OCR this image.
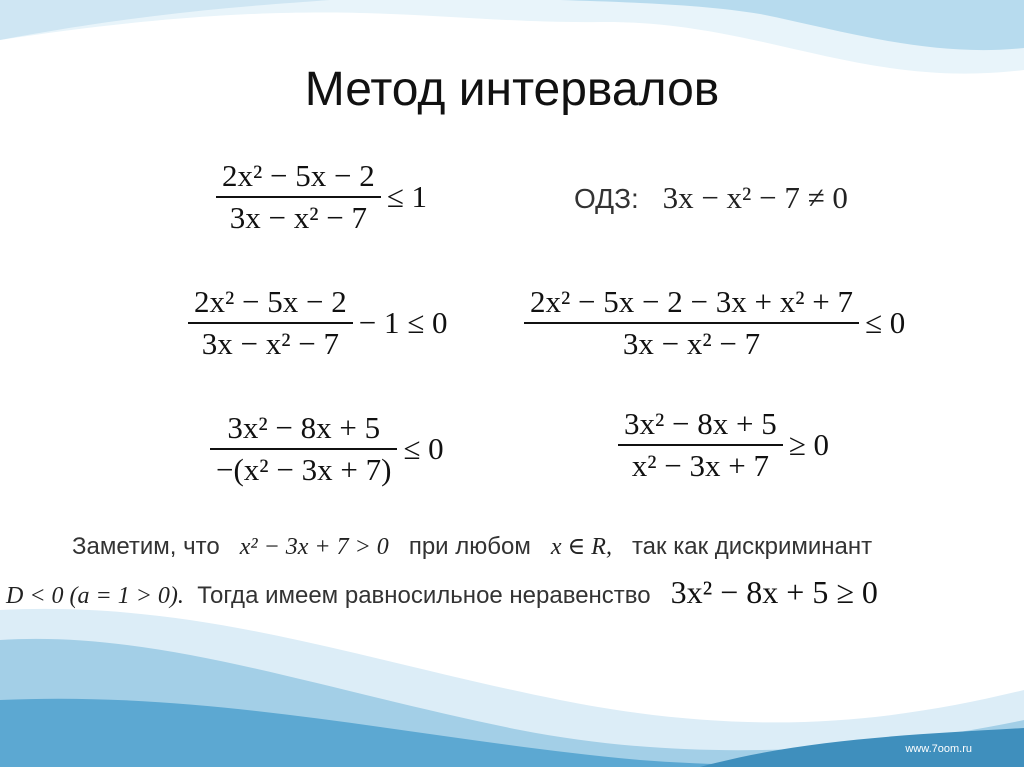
Метод интервалов
$\frac{\text{2x² − 5x − 2}}{\text{3x − x² − 7}} \le 1$	ОДЗ: 3x − x² − 7 ≠ 0
$\frac{\text{2x² − 5x − 2}}{\text{3x − x² − 7}} - 1 \le 0 \frac{\text{2x² − 5x − 2 − 3x + x² + 7}}{\text{3x − x² − 7}} \le 0$
$\frac{\text{3x² − 8x + 5}}{\text{−(x² − 3x + 7)}} \le 0$	$\frac{\text{3x² − 8x + 5}}{\text{x² − 3x + 7}} \ge 0$
Заметим, что x² − 3x + 7 > 0 при любом x ∈ R, так как дискриминант
D < 0 (a = 1 > 0). Тогда имеем равносильное неравенство 3x² − 8x + 5 ≥ 0
www.7oom.ru
